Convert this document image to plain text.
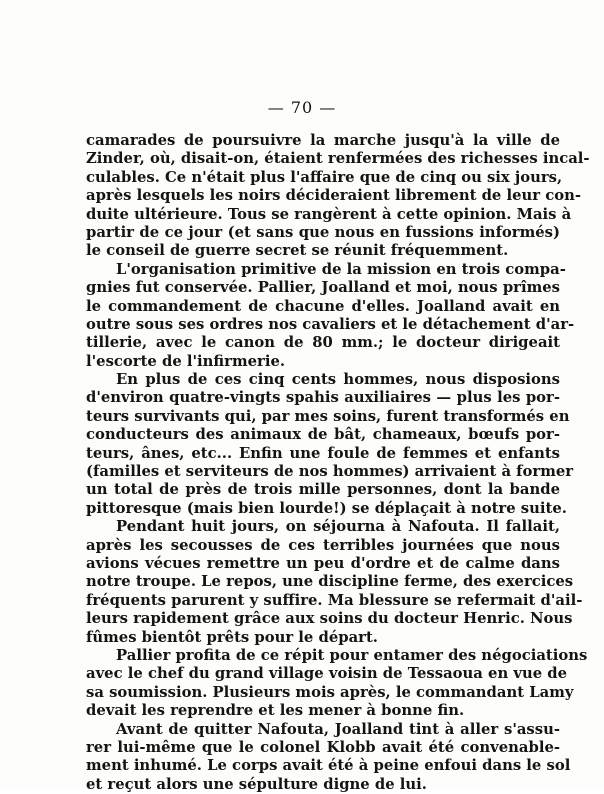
— 70 —
camarades de poursuivre la marche jusqu'à la ville de
Zinder, où, disait-on, étaient renfermées des richesses incal-
culables. Ce n'était plus l'affaire que de cinq ou six jours,
après lesquels les noirs décideraient librement de leur con-
duite ultérieure. Tous se rangèrent à cette opinion. Mais à
partir de ce jour (et sans que nous en fussions informés)
le conseil de guerre secret se réunit fréquemment.
L'organisation primitive de la mission en trois compa-
gnies fut conservée. Pallier, Joalland et moi, nous prîmes
le commandement de chacune d'elles. Joalland avait en
outre sous ses ordres nos cavaliers et le détachement d'ar-
tillerie, avec le canon de 80 mm.; le docteur dirigeait
l'escorte de l'infirmerie.
En plus de ces cinq cents hommes, nous disposions
d'environ quatre-vingts spahis auxiliaires — plus les por-
teurs survivants qui, par mes soins, furent transformés en
conducteurs des animaux de bât, chameaux, bœufs por-
teurs, ânes, etc... Enfin une foule de femmes et enfants
(familles et serviteurs de nos hommes) arrivaient à former
un total de près de trois mille personnes, dont la bande
pittoresque (mais bien lourde!) se déplaçait à notre suite.
Pendant huit jours, on séjourna à Nafouta. Il fallait,
après les secousses de ces terribles journées que nous
avions vécues remettre un peu d'ordre et de calme dans
notre troupe. Le repos, une discipline ferme, des exercices
fréquents parurent y suffire. Ma blessure se refermait d'ail-
leurs rapidement grâce aux soins du docteur Henric. Nous
fûmes bientôt prêts pour le départ.
Pallier profita de ce répit pour entamer des négociations
avec le chef du grand village voisin de Tessaoua en vue de
sa soumission. Plusieurs mois après, le commandant Lamy
devait les reprendre et les mener à bonne fin.
Avant de quitter Nafouta, Joalland tint à aller s'assu-
rer lui-même que le colonel Klobb avait été convenable-
ment inhumé. Le corps avait été à peine enfoui dans le sol
et reçut alors une sépulture digne de lui.
